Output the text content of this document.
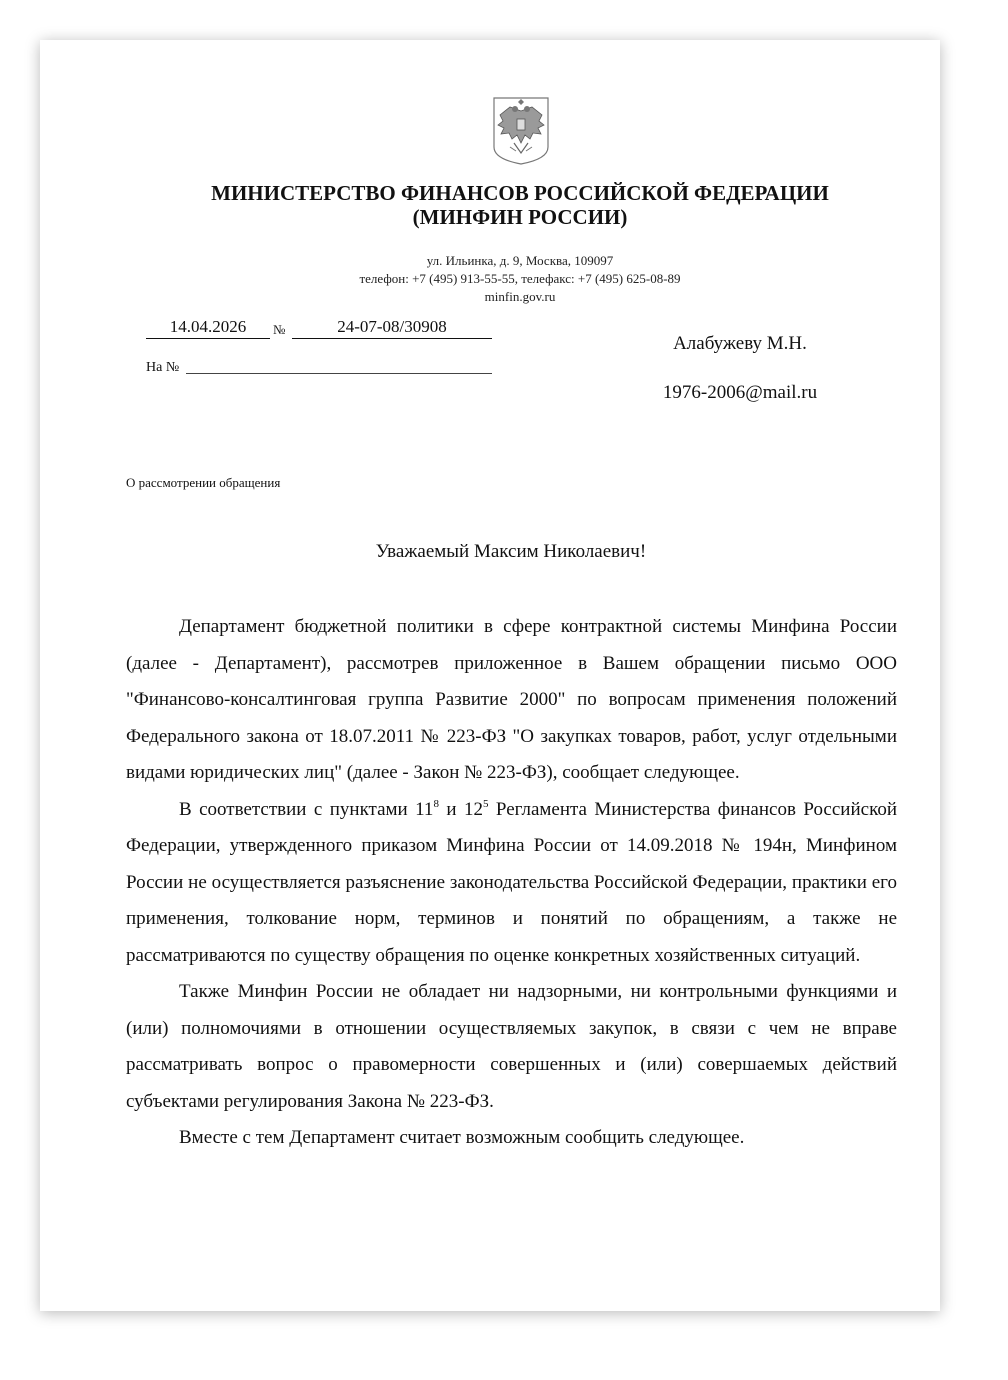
МИНИСТЕРСТВО ФИНАНСОВ РОССИЙСКОЙ ФЕДЕРАЦИИ
(МИНФИН РОССИИ)
ул. Ильинка, д. 9, Москва, 109097
телефон: +7 (495) 913-55-55, телефакс: +7 (495) 625-08-89
minfin.gov.ru
14.04.2026	№	24-07-08/30908
На №
Алабужеву М.Н.
1976-2006@mail.ru
О рассмотрении обращения
Уважаемый Максим Николаевич!

Департамент бюджетной политики в сфере контрактной системы Минфина России (далее - Департамент), рассмотрев приложенное в Вашем обращении письмо ООО "Финансово-консалтинговая группа Развитие 2000" по вопросам применения положений Федерального закона от 18.07.2011 № 223-ФЗ "О закупках товаров, работ, услуг отдельными видами юридических лиц" (далее - Закон № 223-ФЗ), сообщает следующее.

В соответствии с пунктами $11^8$ и $12^5$ Регламента Министерства финансов Российской Федерации, утвержденного приказом Минфина России от 14.09.2018 № 194н, Минфином России не осуществляется разъяснение законодательства Российской Федерации, практики его применения, толкование норм, терминов и понятий по обращениям, а также не рассматриваются по существу обращения по оценке конкретных хозяйственных ситуаций.

Также Минфин России не обладает ни надзорными, ни контрольными функциями и (или) полномочиями в отношении осуществляемых закупок, в связи с чем не вправе рассматривать вопрос о правомерности совершенных и (или) совершаемых действий субъектами регулирования Закона № 223-ФЗ.

Вместе с тем Департамент считает возможным сообщить следующее.
